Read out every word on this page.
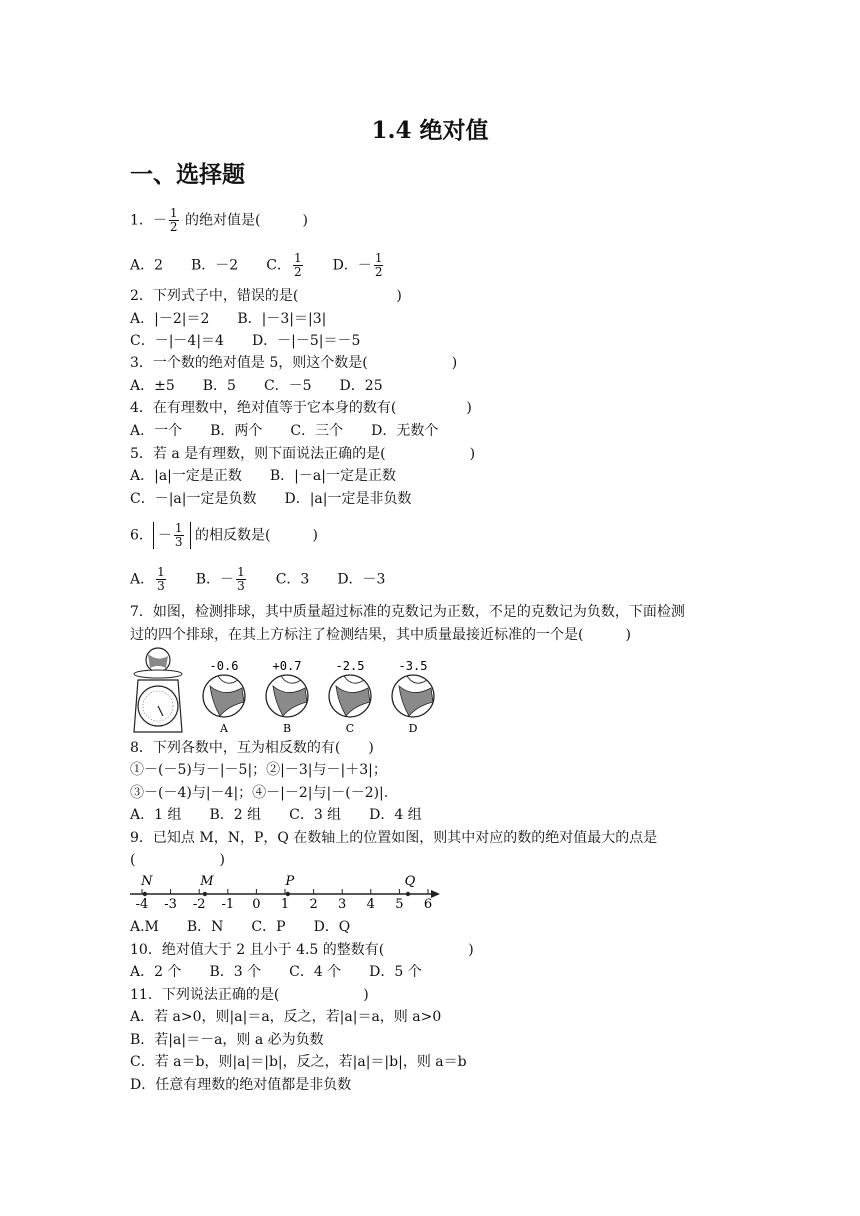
1.4 绝对值
一、选择题
1．－ $\frac{1}{2}$ 的绝对值是(　　　)
A．2　　B．－2　　C． $\frac{1}{2}$ 　　D．－ $\frac{1}{2}$
2．下列式子中，错误的是(　　　　　　　)
A．|－2|＝2　　B．|－3|＝|3|
C．－|－4|＝4　　D．－|－5|＝－5
3．一个数的绝对值是 5，则这个数是(　　　　　　)
A．±5　　B．5　　C．－5　　D．25
4．在有理数中，绝对值等于它本身的数有(　　　　　)
A．一个　　B．两个　　C．三个　　D．无数个
5．若 a 是有理数，则下面说法正确的是(　　　　　　)
A．|a|一定是正数　　B．|－a|一定是正数
C．－|a|一定是负数　　D．|a|一定是非负数
6． － $\frac{1}{3}$ 的相反数是(　　　)
A． $\frac{1}{3}$ 　　B．－ $\frac{1}{3}$ 　　C．3　　D．－3
7．如图，检测排球，其中质量超过标准的克数记为正数，不足的克数记为负数，下面检测
过的四个排球，在其上方标注了检测结果，其中质量最接近标准的一个是(　　　)
-0.6
A
+0.7
B
-2.5
C
-3.5
D
8．下列各数中，互为相反数的有(　　)
①－(－5)与－|－5|；②|－3|与－|＋3|；
③－(－4)与|－4|；④－|－2|与|－(－2)|.
A．1 组　　B．2 组　　C．3 组　　D．4 组
9．已知点 M，N，P，Q 在数轴上的位置如图，则其中对应的数的绝对值最大的点是
(　　　　　　)
-4 -3 -2 -1 0 1 2 3 4 5 6
N	M	P	Q
A.M　　B．N　　C．P　　D．Q
10．绝对值大于 2 且小于 4.5 的整数有(　　　　　　)
A．2 个　　B．3 个　　C．4 个　　D．5 个
11．下列说法正确的是(　　　　　　)
A．若 a>0，则|a|＝a，反之，若|a|＝a，则 a>0
B．若|a|＝－a，则 a 必为负数
C．若 a＝b，则|a|＝|b|，反之，若|a|＝|b|，则 a＝b
D．任意有理数的绝对值都是非负数
